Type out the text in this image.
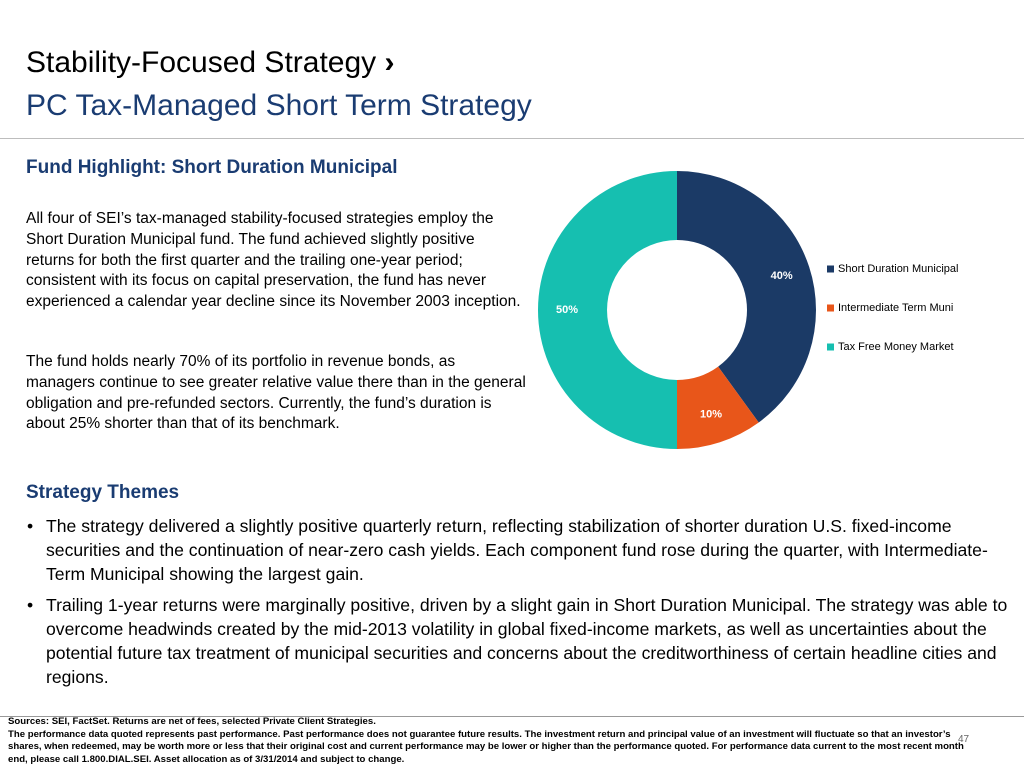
Stability-Focused Strategy ›
PC Tax-Managed Short Term Strategy
Fund Highlight: Short Duration Municipal
All four of SEI’s tax-managed stability-focused strategies employ the Short Duration Municipal fund. The fund achieved slightly positive returns for both the first quarter and the trailing one-year period; consistent with its focus on capital preservation, the fund has never experienced a calendar year decline since its November 2003 inception.
The fund holds nearly 70% of its portfolio in revenue bonds, as managers continue to see greater relative value there than in the general obligation and pre-refunded sectors. Currently, the fund’s duration is about 25% shorter than that of its benchmark.
40%
10%
50%
Short Duration Municipal
Intermediate Term Muni
Tax Free Money Market
Strategy Themes
• The strategy delivered a slightly positive quarterly return, reflecting stabilization of shorter duration U.S. fixed-income securities and the continuation of near-zero cash yields. Each component fund rose during the quarter, with Intermediate-Term Municipal showing the largest gain.
• Trailing 1-year returns were marginally positive, driven by a slight gain in Short Duration Municipal. The strategy was able to overcome headwinds created by the mid-2013 volatility in global fixed-income markets, as well as uncertainties about the potential future tax treatment of municipal securities and concerns about the creditworthiness of certain headline cities and regions.
Sources: SEI, FactSet. Returns are net of fees, selected Private Client Strategies.
The performance data quoted represents past performance. Past performance does not guarantee future results. The investment return and principal value of an investment will fluctuate so that an investor’s shares, when redeemed, may be worth more or less that their original cost and current performance may be lower or higher than the performance quoted. For performance data current to the most recent month end, please call 1.800.DIAL.SEI. Asset allocation as of 3/31/2014 and subject to change.
47
